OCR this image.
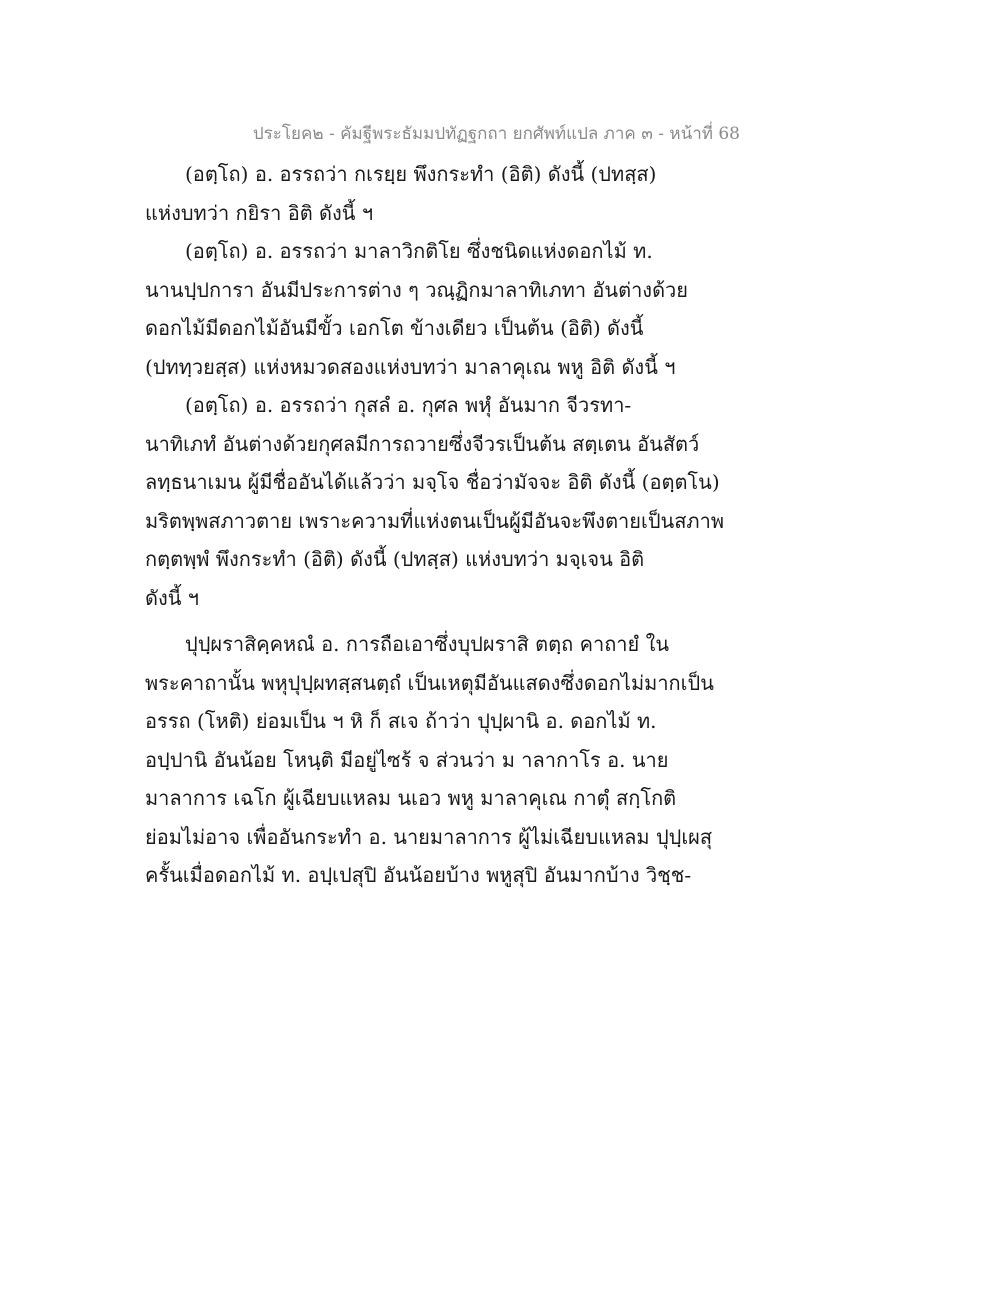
ประโยค๒ - คัมฐีพระธัมมปทัฏฐกถา ยกศัพท์แปล ภาค ๓ - หน้าที่ 68
(อตฺโถ) อ. อรรถว่า กเรยฺย พึงกระทำ (อิติ) ดังนี้ (ปทสฺส)
แห่งบทว่า กยิรา อิติ ดังนี้ ฯ
(อตฺโถ) อ. อรรถว่า มาลาวิกติโย ซึ่งชนิดแห่งดอกไม้ ท.
นานปฺปการา อันมีประการต่าง ๆ วณฺฏิกมาลาทิเภทา อันต่างด้วย
ดอกไม้มีดอกไม้อันมีขั้ว เอกโต ข้างเดียว เป็นต้น (อิติ) ดังนี้
(ปททฺวยสฺส) แห่งหมวดสองแห่งบทว่า มาลาคุเณ พหู อิติ ดังนี้ ฯ
(อตฺโถ) อ. อรรถว่า กุสลํ อ. กุศล พหุํ อันมาก จีวรทา-
นาทิเภทํ อันต่างด้วยกุศลมีการถวายซึ่งจีวรเป็นต้น สตฺเตน อันสัตว์
ลทฺธนาเมน ผู้มีชื่ออันได้แล้วว่า มจฺโจ ชื่อว่ามัจจะ อิติ ดังนี้ (อตฺตโน)
มริตพฺพสภาวตาย เพราะความที่แห่งตนเป็นผู้มีอันจะพึงตายเป็นสภาพ
กตฺตพฺพํ พึงกระทำ (อิติ) ดังนี้ (ปทสฺส) แห่งบทว่า มจฺเจน อิติ
ดังนี้ ฯ
ปุปฺผราสิคฺคหณํ อ. การถือเอาซึ่งบุปผราสิ ตตฺถ คาถายํ ใน
พระคาถานั้น พหุปุปฺผทสฺสนตฺถํ เป็นเหตุมีอันแสดงซึ่งดอกไม่มากเป็น
อรรถ (โหติ) ย่อมเป็น ฯ หิ ก็ สเจ ถ้าว่า ปุปฺผานิ อ. ดอกไม้ ท.
อปฺปานิ อันน้อย โหนฺติ มีอยู่ไซร้ จ ส่วนว่า ม าลากาโร อ. นาย
มาลาการ เฉโก ผู้เฉียบแหลม นเอว พหู มาลาคุเณ กาตุํ สกฺโกติ
ย่อมไม่อาจ เพื่ออันกระทำ อ. นายมาลาการ ผู้ไม่เฉียบแหลม ปุปฺเผสุ
ครั้นเมื่อดอกไม้ ท. อปฺเปสุปิ อันน้อยบ้าง พหูสุปิ อันมากบ้าง วิชฺช-
